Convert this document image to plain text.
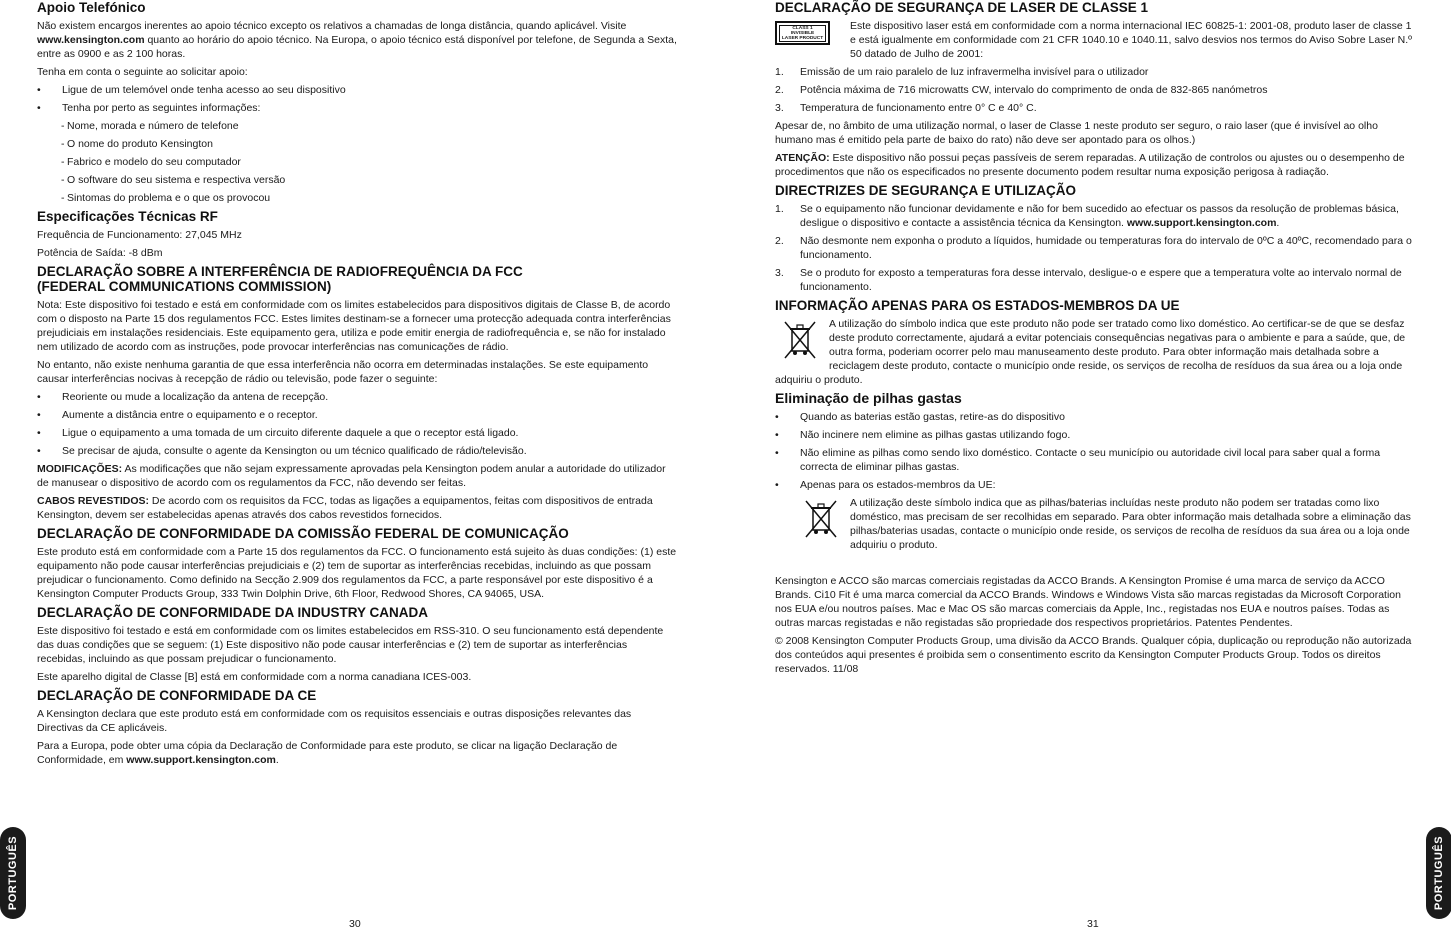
Apoio Telefónico

Não existem encargos inerentes ao apoio técnico excepto os relativos a chamadas de longa distância, quando aplicável. Visite www.kensington.com quanto ao horário do apoio técnico. Na Europa, o apoio técnico está disponível por telefone, de Segunda a Sexta, entre as 0900 e as 2 100 horas.

Tenha em conta o seguinte ao solicitar apoio:

• Ligue de um telemóvel onde tenha acesso ao seu dispositivo
• Tenha por perto as seguintes informações:
- Nome, morada e número de telefone
- O nome do produto Kensington
- Fabrico e modelo do seu computador
- O software do seu sistema e respectiva versão
- Sintomas do problema e o que os provocou
Especificações Técnicas RF

Frequência de Funcionamento: 27,045 MHz

Potência de Saída: -8 dBm

DECLARAÇÃO SOBRE A INTERFERÊNCIA DE RADIOFREQUÊNCIA DA FCC
(FEDERAL COMMUNICATIONS COMMISSION)

Nota: Este dispositivo foi testado e está em conformidade com os limites estabelecidos para dispositivos digitais de Classe B, de acordo com o disposto na Parte 15 dos regulamentos FCC. Estes limites destinam-se a fornecer uma protecção adequada contra interferências prejudiciais em instalações residenciais. Este equipamento gera, utiliza e pode emitir energia de radiofrequência e, se não for instalado nem utilizado de acordo com as instruções, pode provocar interferências nas comunicações de rádio.

No entanto, não existe nenhuma garantia de que essa interferência não ocorra em determinadas instalações. Se este equipamento causar interferências nocivas à recepção de rádio ou televisão, pode fazer o seguinte:

• Reoriente ou mude a localização da antena de recepção.
• Aumente a distância entre o equipamento e o receptor.
• Ligue o equipamento a uma tomada de um circuito diferente daquele a que o receptor está ligado.
• Se precisar de ajuda, consulte o agente da Kensington ou um técnico qualificado de rádio/televisão.

MODIFICAÇÕES: As modificações que não sejam expressamente aprovadas pela Kensington podem anular a autoridade do utilizador de manusear o dispositivo de acordo com os regulamentos da FCC, não devendo ser feitas.

CABOS REVESTIDOS: De acordo com os requisitos da FCC, todas as ligações a equipamentos, feitas com dispositivos de entrada Kensington, devem ser estabelecidas apenas através dos cabos revestidos fornecidos.

DECLARAÇÃO DE CONFORMIDADE DA COMISSÃO FEDERAL DE COMUNICAÇÃO

Este produto está em conformidade com a Parte 15 dos regulamentos da FCC. O funcionamento está sujeito às duas condições: (1) este equipamento não pode causar interferências prejudiciais e (2) tem de suportar as interferências recebidas, incluindo as que possam prejudicar o funcionamento. Como definido na Secção 2.909 dos regulamentos da FCC, a parte responsável por este dispositivo é a Kensington Computer Products Group, 333 Twin Dolphin Drive, 6th Floor, Redwood Shores, CA 94065, USA.

DECLARAÇÃO DE CONFORMIDADE DA INDUSTRY CANADA

Este dispositivo foi testado e está em conformidade com os limites estabelecidos em RSS-310. O seu funcionamento está dependente das duas condições que se seguem: (1) Este dispositivo não pode causar interferências e (2) tem de suportar as interferências recebidas, incluindo as que possam prejudicar o funcionamento.

Este aparelho digital de Classe [B] está em conformidade com a norma canadiana ICES-003.

DECLARAÇÃO DE CONFORMIDADE DA CE

A Kensington declara que este produto está em conformidade com os requisitos essenciais e outras disposições relevantes das Directivas da CE aplicáveis.

Para a Europa, pode obter uma cópia da Declaração de Conformidade para este produto, se clicar na ligação Declaração de Conformidade, em www.support.kensington.com.

PORTUGUÊS
30
DECLARAÇÃO DE SEGURANÇA DE LASER DE CLASSE 1
CLASS 1
INVISIBLE
LASER PRODUCT

Este dispositivo laser está em conformidade com a norma internacional IEC 60825-1: 2001-08, produto laser de classe 1 e está igualmente em conformidade com 21 CFR 1040.10 e 1040.11, salvo desvios nos termos do Aviso Sobre Laser N.º 50 datado de Julho de 2001:

1. Emissão de um raio paralelo de luz infravermelha invisível para o utilizador
2. Potência máxima de 716 microwatts CW, intervalo do comprimento de onda de 832-865 nanómetros
3. Temperatura de funcionamento entre 0° C e 40° C.

Apesar de, no âmbito de uma utilização normal, o laser de Classe 1 neste produto ser seguro, o raio laser (que é invisível ao olho humano mas é emitido pela parte de baixo do rato) não deve ser apontado para os olhos.)

ATENÇÃO: Este dispositivo não possui peças passíveis de serem reparadas. A utilização de controlos ou ajustes ou o desempenho de procedimentos que não os especificados no presente documento podem resultar numa exposição perigosa à radiação.

DIRECTRIZES DE SEGURANÇA E UTILIZAÇÃO
1. Se o equipamento não funcionar devidamente e não for bem sucedido ao efectuar os passos da resolução de problemas básica, desligue o dispositivo e contacte a assistência técnica da Kensington. www.support.kensington.com.
2. Não desmonte nem exponha o produto a líquidos, humidade ou temperaturas fora do intervalo de 0ºC a 40ºC, recomendado para o funcionamento.
3. Se o produto for exposto a temperaturas fora desse intervalo, desligue-o e espere que a temperatura volte ao intervalo normal de funcionamento.
INFORMAÇÃO APENAS PARA OS ESTADOS-MEMBROS DA UE

A utilização do símbolo indica que este produto não pode ser tratado como lixo doméstico. Ao certificar-se de que se desfaz deste produto correctamente, ajudará a evitar potenciais consequências negativas para o ambiente e para a saúde, que, de outra forma, poderiam ocorrer pelo mau manuseamento deste produto. Para obter informação mais detalhada sobre a reciclagem deste produto, contacte o município onde reside, os serviços de recolha de resíduos da sua área ou a loja onde adquiriu o produto.

Eliminação de pilhas gastas
• Quando as baterias estão gastas, retire-as do dispositivo
• Não incinere nem elimine as pilhas gastas utilizando fogo.
• Não elimine as pilhas como sendo lixo doméstico. Contacte o seu município ou autoridade civil local para saber qual a forma correcta de eliminar pilhas gastas.
• Apenas para os estados-membros da UE:

A utilização deste símbolo indica que as pilhas/baterias incluídas neste produto não podem ser tratadas como lixo doméstico, mas precisam de ser recolhidas em separado. Para obter informação mais detalhada sobre a eliminação das pilhas/baterias usadas, contacte o município onde reside, os serviços de recolha de resíduos da sua área ou a loja onde adquiriu o produto.

Kensington e ACCO são marcas comerciais registadas da ACCO Brands. A Kensington Promise é uma marca de serviço da ACCO Brands. Ci10 Fit é uma marca comercial da ACCO Brands. Windows e Windows Vista são marcas registadas da Microsoft Corporation nos EUA e/ou noutros países. Mac e Mac OS são marcas comerciais da Apple, Inc., registadas nos EUA e noutros países. Todas as outras marcas registadas e não registadas são propriedade dos respectivos proprietários. Patentes Pendentes.

© 2008 Kensington Computer Products Group, uma divisão da ACCO Brands. Qualquer cópia, duplicação ou reprodução não autorizada dos conteúdos aqui presentes é proibida sem o consentimento escrito da Kensington Computer Products Group. Todos os direitos reservados. 11/08

PORTUGUÊS
31
